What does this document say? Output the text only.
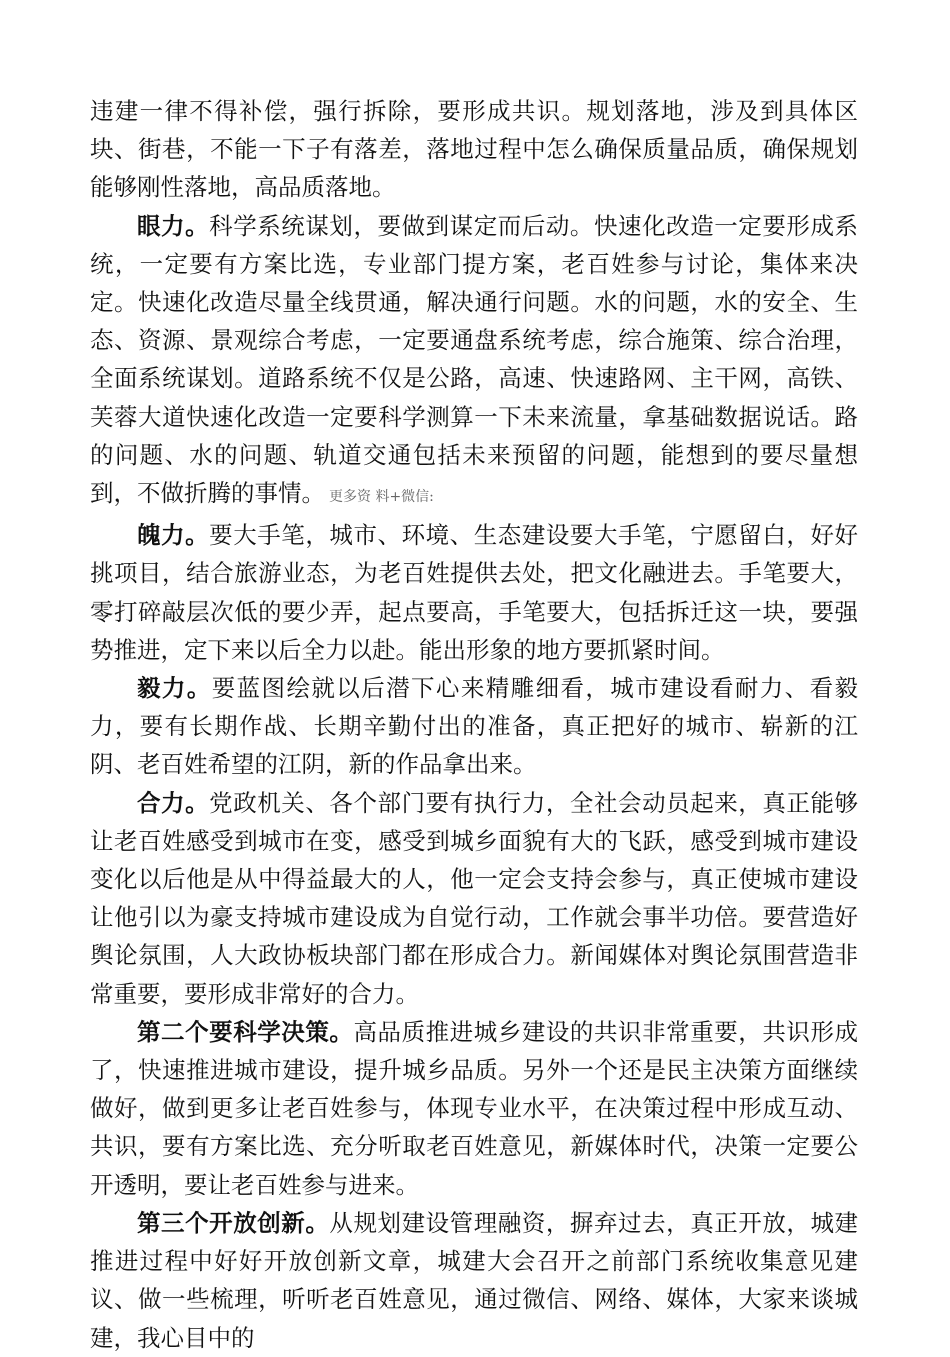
违建一律不得补偿，强行拆除，要形成共识。规划落地，涉及到具体区块、街巷，不能一下子有落差，落地过程中怎么确保质量品质，确保规划能够刚性落地，高品质落地。

眼力。科学系统谋划，要做到谋定而后动。快速化改造一定要形成系统，一定要有方案比选，专业部门提方案，老百姓参与讨论，集体来决定。快速化改造尽量全线贯通，解决通行问题。水的问题，水的安全、生态、资源、景观综合考虑，一定要通盘系统考虑，综合施策、综合治理，全面系统谋划。道路系统不仅是公路，高速、快速路网、主干网，高铁、芙蓉大道快速化改造一定要科学测算一下未来流量，拿基础数据说话。路的问题、水的问题、轨道交通包括未来预留的问题，能想到的要尽量想到，不做折腾的事情。 更多资 料+微信:

魄力。要大手笔，城市、环境、生态建设要大手笔，宁愿留白，好好挑项目，结合旅游业态，为老百姓提供去处，把文化融进去。手笔要大，零打碎敲层次低的要少弄，起点要高，手笔要大，包括拆迁这一块，要强势推进，定下来以后全力以赴。能出形象的地方要抓紧时间。

毅力。要蓝图绘就以后潜下心来精雕细看，城市建设看耐力、看毅力，要有长期作战、长期辛勤付出的准备，真正把好的城市、崭新的江阴、老百姓希望的江阴，新的作品拿出来。

合力。党政机关、各个部门要有执行力，全社会动员起来，真正能够让老百姓感受到城市在变，感受到城乡面貌有大的飞跃，感受到城市建设变化以后他是从中得益最大的人，他一定会支持会参与，真正使城市建设让他引以为豪支持城市建设成为自觉行动，工作就会事半功倍。要营造好舆论氛围，人大政协板块部门都在形成合力。新闻媒体对舆论氛围营造非常重要，要形成非常好的合力。

第二个要科学决策。高品质推进城乡建设的共识非常重要，共识形成了，快速推进城市建设，提升城乡品质。另外一个还是民主决策方面继续做好，做到更多让老百姓参与，体现专业水平，在决策过程中形成互动、共识，要有方案比选、充分听取老百姓意见，新媒体时代，决策一定要公开透明，要让老百姓参与进来。

第三个开放创新。从规划建设管理融资，摒弃过去，真正开放，城建推进过程中好好开放创新文章，城建大会召开之前部门系统收集意见建议、做一些梳理，听听老百姓意见，通过微信、网络、媒体，大家来谈城建，我心目中的
